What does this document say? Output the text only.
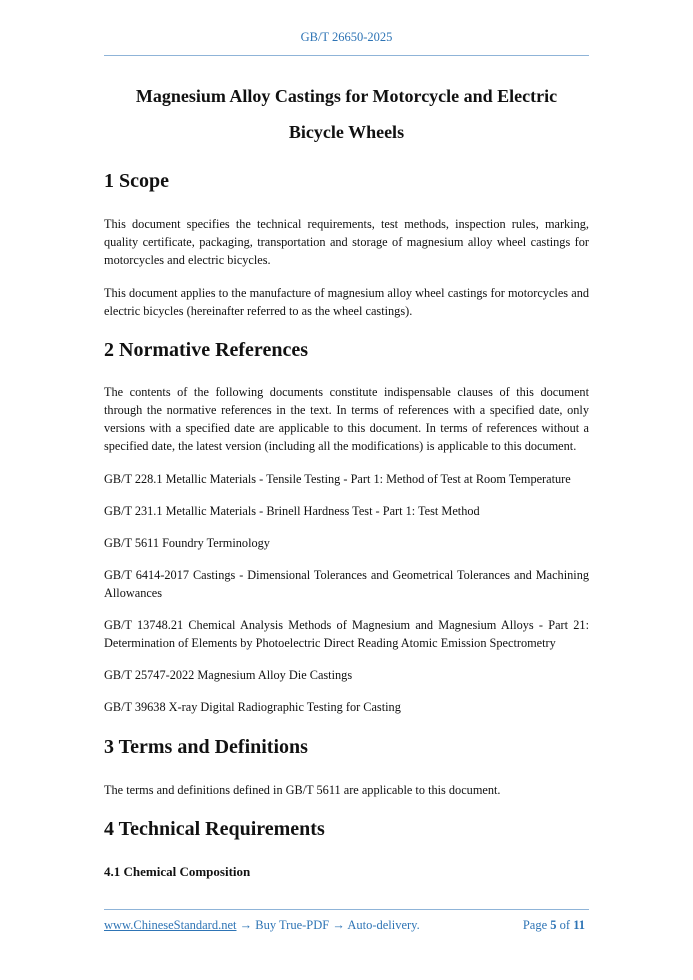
GB/T 26650-2025
Magnesium Alloy Castings for Motorcycle and Electric
Bicycle Wheels
1 Scope

This document specifies the technical requirements, test methods, inspection rules, marking, quality certificate, packaging, transportation and storage of magnesium alloy wheel castings for motorcycles and electric bicycles.

This document applies to the manufacture of magnesium alloy wheel castings for motorcycles and electric bicycles (hereinafter referred to as the wheel castings).

2 Normative References

The contents of the following documents constitute indispensable clauses of this document through the normative references in the text. In terms of references with a specified date, only versions with a specified date are applicable to this document. In terms of references without a specified date, the latest version (including all the modifications) is applicable to this document.

GB/T 228.1 Metallic Materials - Tensile Testing - Part 1: Method of Test at Room Temperature

GB/T 231.1 Metallic Materials - Brinell Hardness Test - Part 1: Test Method

GB/T 5611 Foundry Terminology

GB/T 6414-2017 Castings - Dimensional Tolerances and Geometrical Tolerances and Machining Allowances

GB/T 13748.21 Chemical Analysis Methods of Magnesium and Magnesium Alloys - Part 21: Determination of Elements by Photoelectric Direct Reading Atomic Emission Spectrometry

GB/T 25747-2022 Magnesium Alloy Die Castings

GB/T 39638 X-ray Digital Radiographic Testing for Casting

3 Terms and Definitions

The terms and definitions defined in GB/T 5611 are applicable to this document.

4 Technical Requirements
4.1 Chemical Composition
www.ChineseStandard.net → Buy True-PDF → Auto-delivery.	Page 5 of 11
